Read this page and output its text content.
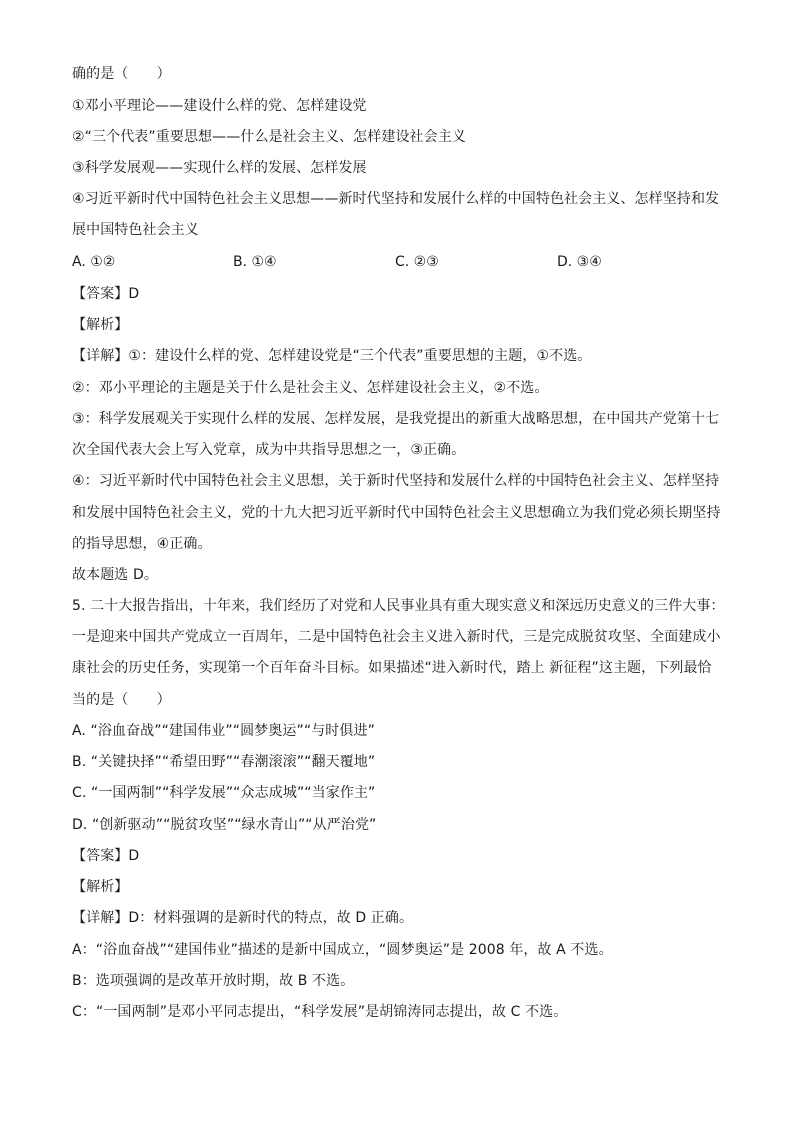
确的是（　　）
①邓小平理论——建设什么样的党、怎样建设党
②“三个代表”重要思想——什么是社会主义、怎样建设社会主义
③科学发展观——实现什么样的发展、怎样发展
④习近平新时代中国特色社会主义思想——新时代坚持和发展什么样的中国特色社会主义、怎样坚持和发
展中国特色社会主义
A. ①②	B. ①④	C. ②③	D. ③④
【答案】D
【解析】
【详解】①：建设什么样的党、怎样建设党是“三个代表”重要思想的主题，①不选。
②：邓小平理论的主题是关于什么是社会主义、怎样建设社会主义，②不选。
③：科学发展观关于实现什么样的发展、怎样发展，是我党提出的新重大战略思想，在中国共产党第十七
次全国代表大会上写入党章，成为中共指导思想之一，③正确。
④：习近平新时代中国特色社会主义思想，关于新时代坚持和发展什么样的中国特色社会主义、怎样坚持
和发展中国特色社会主义，党的十九大把习近平新时代中国特色社会主义思想确立为我们党必须长期坚持
的指导思想，④正确。
故本题选 D。
5. 二十大报告指出，十年来，我们经历了对党和人民事业具有重大现实意义和深远历史意义的三件大事：
一是迎来中国共产党成立一百周年，二是中国特色社会主义进入新时代，三是完成脱贫攻坚、全面建成小
康社会的历史任务，实现第一个百年奋斗目标。如果描述“进入新时代，踏上 新征程”这主题，下列最恰
当的是（　　）
A. “浴血奋战”“建国伟业”“圆梦奥运”“与时俱进”
B. “关键抉择”“希望田野”“春潮滚滚”“翻天覆地”
C. “一国两制”“科学发展”“众志成城”“当家作主”
D. “创新驱动”“脱贫攻坚”“绿水青山”“从严治党”
【答案】D
【解析】
【详解】D：材料强调的是新时代的特点，故 D 正确。
A：“浴血奋战”“建国伟业”描述的是新中国成立，“圆梦奥运”是 2008 年，故 A 不选。
B：选项强调的是改革开放时期，故 B 不选。
C：“一国两制”是邓小平同志提出，“科学发展”是胡锦涛同志提出，故 C 不选。
